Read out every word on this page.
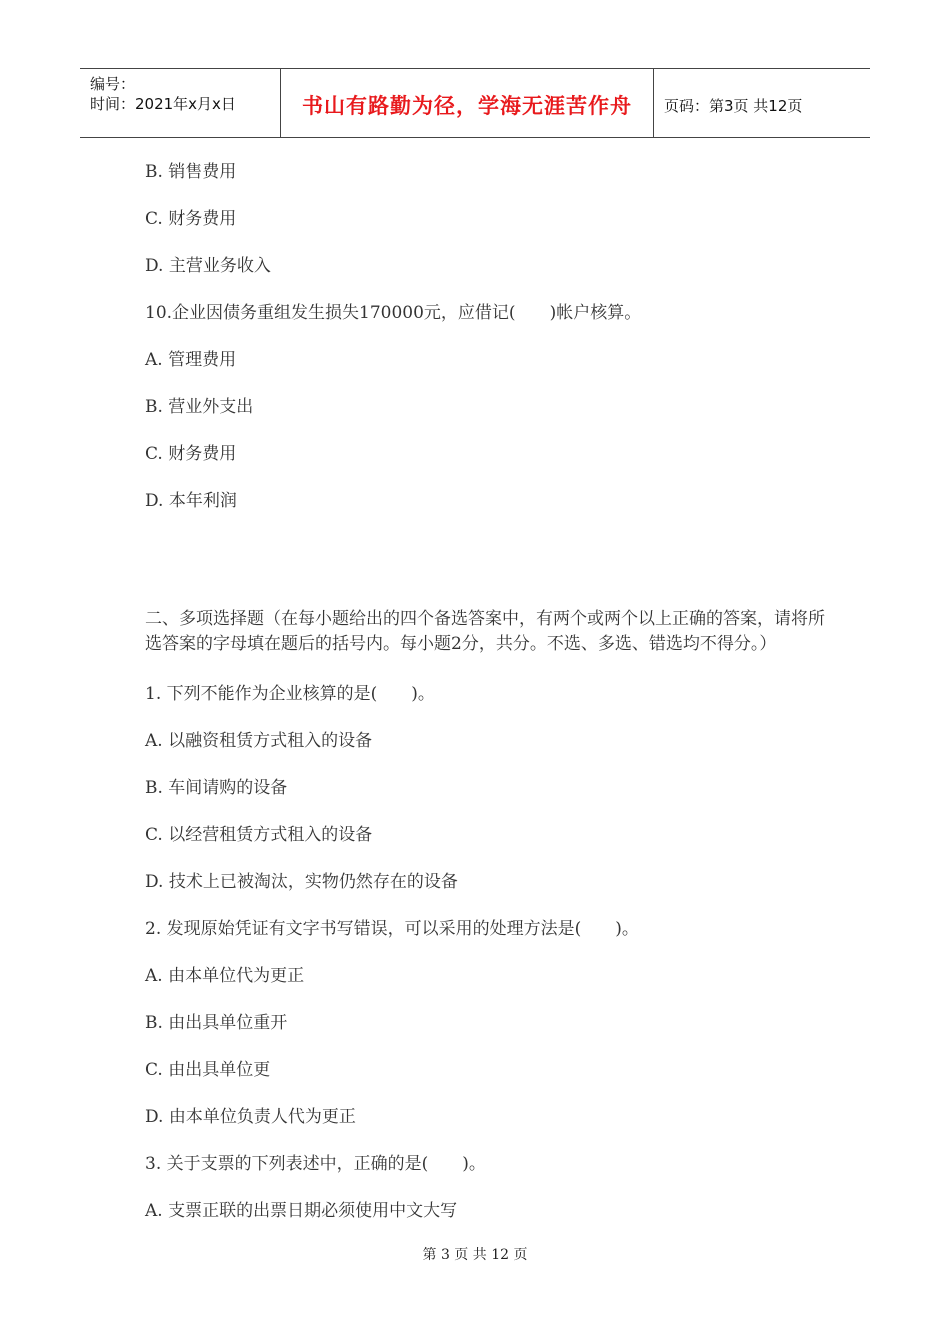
编号：
时间：2021年x月x日	书山有路勤为径，学海无涯苦作舟 页码：第3页 共12页
B. 销售费用
C. 财务费用
D. 主营业务收入
10.企业因债务重组发生损失170000元，应借记(　　)帐户核算。
A. 管理费用
B. 营业外支出
C. 财务费用
D. 本年利润
二、多项选择题（在每小题给出的四个备选答案中，有两个或两个以上正确的答案，请将所选答案的字母填在题后的括号内。每小题2分，共分。不选、多选、错选均不得分。）
1. 下列不能作为企业核算的是(　　)。
A. 以融资租赁方式租入的设备
B. 车间请购的设备
C. 以经营租赁方式租入的设备
D. 技术上已被淘汰，实物仍然存在的设备
2. 发现原始凭证有文字书写错误，可以采用的处理方法是(　　)。
A. 由本单位代为更正
B. 由出具单位重开
C. 由出具单位更
D. 由本单位负责人代为更正
3. 关于支票的下列表述中，正确的是(　　)。
A. 支票正联的出票日期必须使用中文大写
第 3 页 共 12 页
